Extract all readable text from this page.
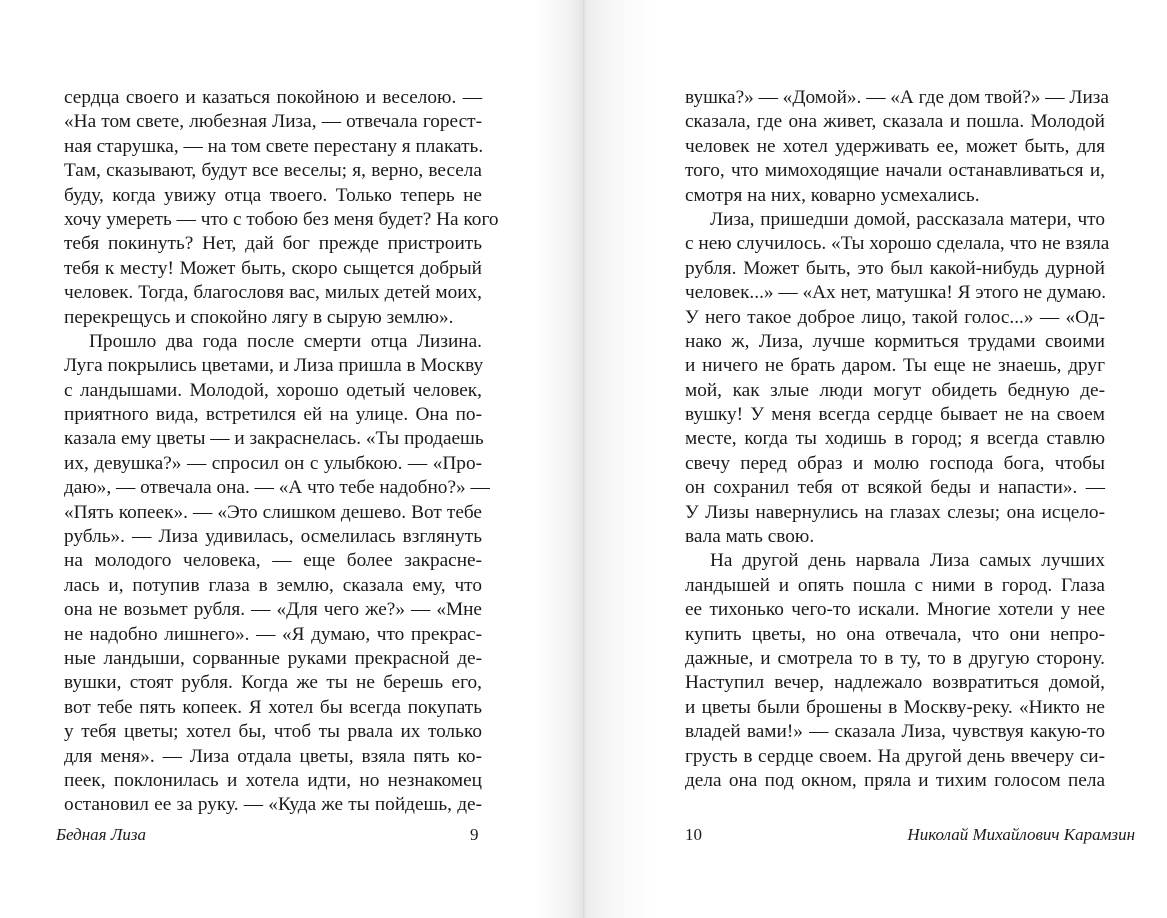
сердца своего и казаться покойною и веселою. —
«На том свете, любезная Лиза, — отвечала горест-
ная старушка, — на том свете перестану я плакать.
Там, сказывают, будут все веселы; я, верно, весела
буду, когда увижу отца твоего. Только теперь не
хочу умереть — что с тобою без меня будет? На кого
тебя покинуть? Нет, дай бог прежде пристроить
тебя к месту! Может быть, скоро сыщется добрый
человек. Тогда, благословя вас, милых детей моих,
перекрещусь и спокойно лягу в сырую землю».
Прошло два года после смерти отца Лизина.
Луга покрылись цветами, и Лиза пришла в Москву
с ландышами. Молодой, хорошо одетый человек,
приятного вида, встретился ей на улице. Она по-
казала ему цветы — и закраснелась. «Ты продаешь
их, девушка?» — спросил он с улыбкою. — «Про-
даю», — отвечала она. — «А что тебе надобно?» —
«Пять копеек». — «Это слишком дешево. Вот тебе
рубль». — Лиза удивилась, осмелилась взглянуть
на молодого человека, — еще более закрасне-
лась и, потупив глаза в землю, сказала ему, что
она не возьмет рубля. — «Для чего же?» — «Мне
не надобно лишнего». — «Я думаю, что прекрас-
ные ландыши, сорванные руками прекрасной де-
вушки, стоят рубля. Когда же ты не берешь его,
вот тебе пять копеек. Я хотел бы всегда покупать
у тебя цветы; хотел бы, чтоб ты рвала их только
для меня». — Лиза отдала цветы, взяла пять ко-
пеек, поклонилась и хотела идти, но незнакомец
остановил ее за руку. — «Куда же ты пойдешь, де-
Бедная Лиза	9
вушка?» — «Домой». — «А где дом твой?» — Лиза
сказала, где она живет, сказала и пошла. Молодой
человек не хотел удерживать ее, может быть, для
того, что мимоходящие начали останавливаться и,
смотря на них, коварно усмехались.
Лиза, пришедши домой, рассказала матери, что
с нею случилось. «Ты хорошо сделала, что не взяла
рубля. Может быть, это был какой-нибудь дурной
человек...» — «Ах нет, матушка! Я этого не думаю.
У него такое доброе лицо, такой голос...» — «Од-
нако ж, Лиза, лучше кормиться трудами своими
и ничего не брать даром. Ты еще не знаешь, друг
мой, как злые люди могут обидеть бедную де-
вушку! У меня всегда сердце бывает не на своем
месте, когда ты ходишь в город; я всегда ставлю
свечу перед образ и молю господа бога, чтобы
он сохранил тебя от всякой беды и напасти». —
У Лизы навернулись на глазах слезы; она исцело-
вала мать свою.
На другой день нарвала Лиза самых лучших
ландышей и опять пошла с ними в город. Глаза
ее тихонько чего-то искали. Многие хотели у нее
купить цветы, но она отвечала, что они непро-
дажные, и смотрела то в ту, то в другую сторону.
Наступил вечер, надлежало возвратиться домой,
и цветы были брошены в Москву-реку. «Никто не
владей вами!» — сказала Лиза, чувствуя какую-то
грусть в сердце своем. На другой день ввечеру си-
дела она под окном, пряла и тихим голосом пела
10	Николай Михайлович Карамзин
